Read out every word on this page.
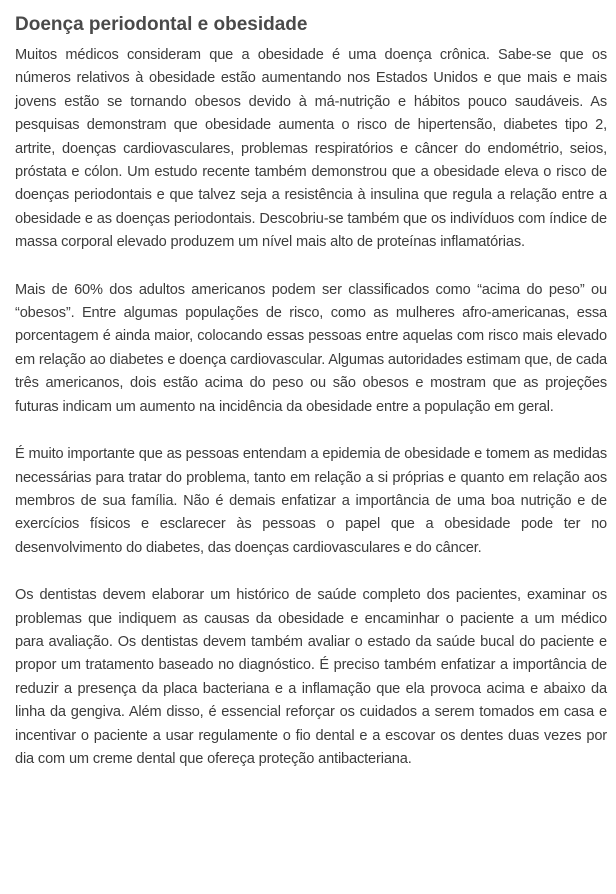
Doença periodontal e obesidade

Muitos médicos consideram que a obesidade é uma doença crônica. Sabe-se que os números relativos à obesidade estão aumentando nos Estados Unidos e que mais e mais jovens estão se tornando obesos devido à má-nutrição e hábitos pouco saudáveis. As pesquisas demonstram que obesidade aumenta o risco de hipertensão, diabetes tipo 2, artrite, doenças cardiovasculares, problemas respiratórios e câncer do endométrio, seios, próstata e cólon. Um estudo recente também demonstrou que a obesidade eleva o risco de doenças periodontais e que talvez seja a resistência à insulina que regula a relação entre a obesidade e as doenças periodontais. Descobriu-se também que os indivíduos com índice de massa corporal elevado produzem um nível mais alto de proteínas inflamatórias.

Mais de 60% dos adultos americanos podem ser classificados como “acima do peso” ou “obesos”. Entre algumas populações de risco, como as mulheres afro-americanas, essa porcentagem é ainda maior, colocando essas pessoas entre aquelas com risco mais elevado em relação ao diabetes e doença cardiovascular. Algumas autoridades estimam que, de cada três americanos, dois estão acima do peso ou são obesos e mostram que as projeções futuras indicam um aumento na incidência da obesidade entre a população em geral.

É muito importante que as pessoas entendam a epidemia de obesidade e tomem as medidas necessárias para tratar do problema, tanto em relação a si próprias e quanto em relação aos membros de sua família. Não é demais enfatizar a importância de uma boa nutrição e de exercícios físicos e esclarecer às pessoas o papel que a obesidade pode ter no desenvolvimento do diabetes, das doenças cardiovasculares e do câncer.

Os dentistas devem elaborar um histórico de saúde completo dos pacientes, examinar os problemas que indiquem as causas da obesidade e encaminhar o paciente a um médico para avaliação. Os dentistas devem também avaliar o estado da saúde bucal do paciente e propor um tratamento baseado no diagnóstico. É preciso também enfatizar a importância de reduzir a presença da placa bacteriana e a inflamação que ela provoca acima e abaixo da linha da gengiva. Além disso, é essencial reforçar os cuidados a serem tomados em casa e incentivar o paciente a usar regulamente o fio dental e a escovar os dentes duas vezes por dia com um creme dental que ofereça proteção antibacteriana.
